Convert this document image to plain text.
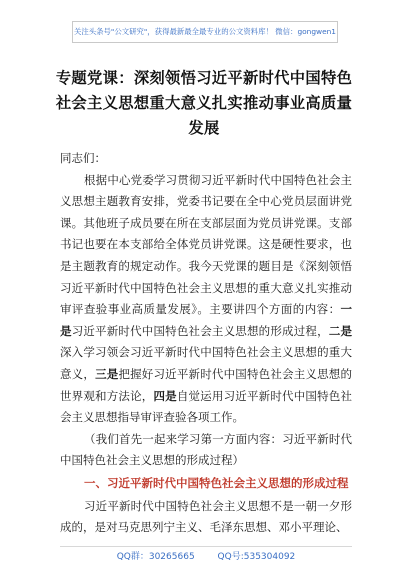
关注头条号"公文研究"，获得最新最全最专业的公文资料库！ 微信：gongwen1
专题党课：深刻领悟习近平新时代中国特色社会主义思想重大意义扎实推动事业高质量发展

同志们：

根据中心党委学习贯彻习近平新时代中国特色社会主义思想主题教育安排，党委书记要在全中心党员层面讲党课。其他班子成员要在所在支部层面为党员讲党课。支部书记也要在本支部给全体党员讲党课。这是硬性要求，也是主题教育的规定动作。我今天党课的题目是《深刻领悟习近平新时代中国特色社会主义思想的重大意义扎实推动审评查验事业高质量发展》。主要讲四个方面的内容：一是习近平新时代中国特色社会主义思想的形成过程，二是深入学习领会习近平新时代中国特色社会主义思想的重大意义，三是把握好习近平新时代中国特色社会主义思想的世界观和方法论，四是自觉运用习近平新时代中国特色社会主义思想指导审评查验各项工作。

（我们首先一起来学习第一方面内容：习近平新时代中国特色社会主义思想的形成过程）

一、习近平新时代中国特色社会主义思想的形成过程

习近平新时代中国特色社会主义思想不是一朝一夕形成的，是对马克思列宁主义、毛泽东思想、邓小平理论、

QQ群：30265665	QQ号:535304092
